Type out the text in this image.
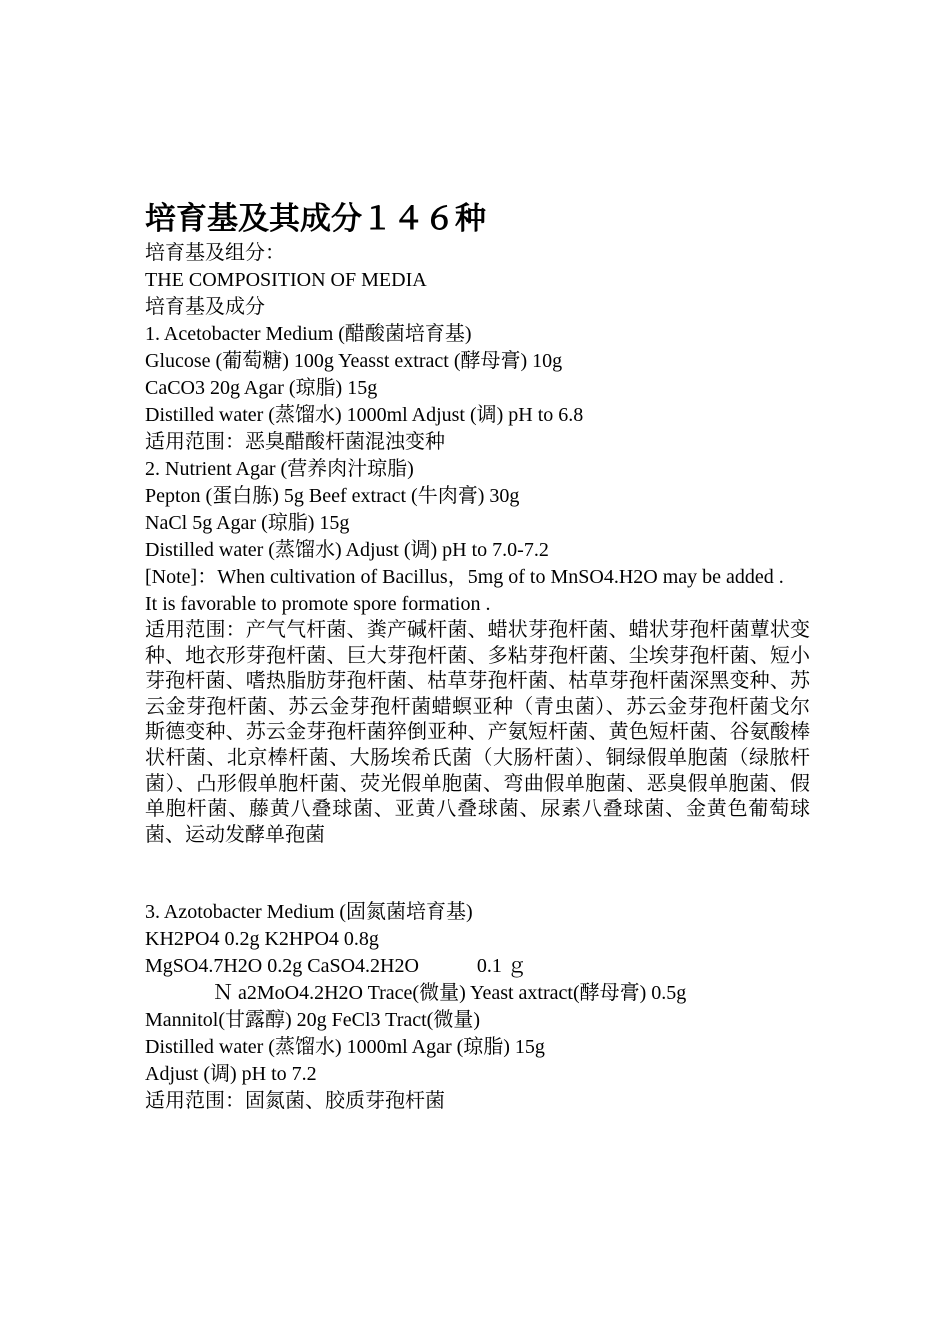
培育基及其成分１４６种

培育基及组分：

THE COMPOSITION OF MEDIA

培育基及成分

1. Acetobacter Medium (醋酸菌培育基)

Glucose (葡萄糖) 100g Yeasst extract (酵母膏) 10g

CaCO3 20g Agar (琼脂) 15g

Distilled water (蒸馏水) 1000ml Adjust (调) pH to 6.8

适用范围：恶臭醋酸杆菌混浊变种

2. Nutrient Agar (营养肉汁琼脂)

Pepton (蛋白胨) 5g Beef extract (牛肉膏) 30g

NaCl 5g Agar (琼脂) 15g

Distilled water (蒸馏水) Adjust (调) pH to 7.0-7.2

[Note]：When cultivation of Bacillus，5mg of to MnSO4.H2O may be added .

It is favorable to promote spore formation .

适用范围：产气气杆菌、粪产碱杆菌、蜡状芽孢杆菌、蜡状芽孢杆菌蕈状变种、地衣形芽孢杆菌、巨大芽孢杆菌、多粘芽孢杆菌、尘埃芽孢杆菌、短小芽孢杆菌、嗜热脂肪芽孢杆菌、枯草芽孢杆菌、枯草芽孢杆菌深黑变种、苏云金芽孢杆菌、苏云金芽孢杆菌蜡螟亚种（青虫菌）、苏云金芽孢杆菌戈尔斯德变种、苏云金芽孢杆菌猝倒亚种、产氨短杆菌、黄色短杆菌、谷氨酸棒状杆菌、北京棒杆菌、大肠埃希氏菌（大肠杆菌）、铜绿假单胞菌（绿脓杆菌）、凸形假单胞杆菌、荧光假单胞菌、弯曲假单胞菌、恶臭假单胞菌、假单胞杆菌、藤黄八叠球菌、亚黄八叠球菌、尿素八叠球菌、金黄色葡萄球菌、运动发酵单孢菌

3. Azotobacter Medium (固氮菌培育基)

KH2PO4 0.2g K2HPO4 0.8g

MgSO4.7H2O 0.2g CaSO4.2H2O	0.1 ｇ

Ｎ a2MoO4.2H2O Trace(微量) Yeast axtract(酵母膏) 0.5g

Mannitol(甘露醇) 20g FeCl3 Tract(微量)

Distilled water (蒸馏水) 1000ml Agar (琼脂) 15g

Adjust (调) pH to 7.2

适用范围：固氮菌、胶质芽孢杆菌
